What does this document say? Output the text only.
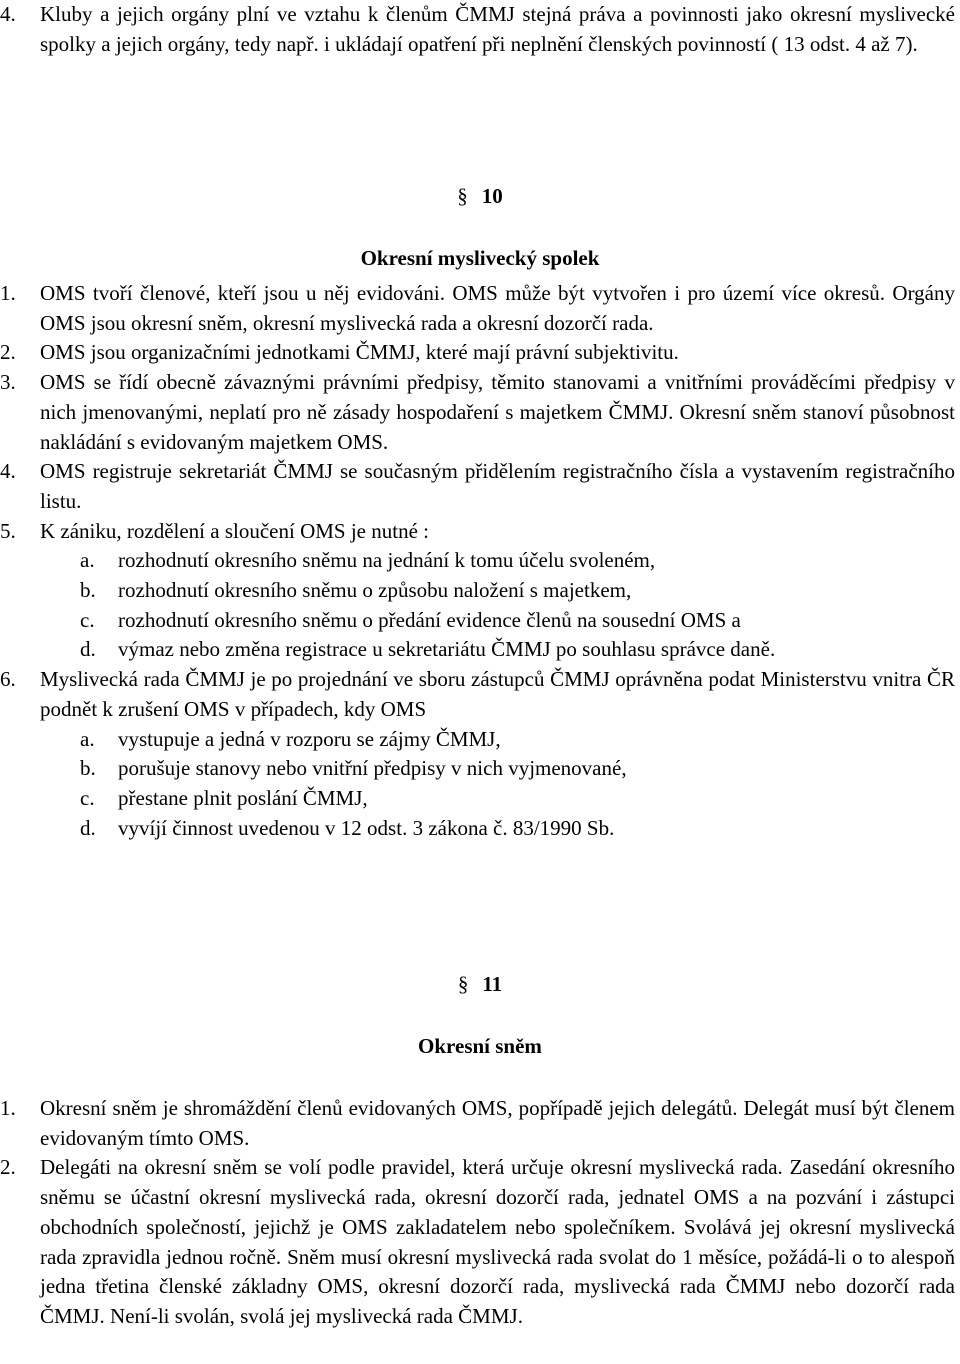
4.	Kluby a jejich orgány plní ve vztahu k členům ČMMJ stejná práva a povinnosti jako okresní myslivecké spolky a jejich orgány, tedy např. i ukládají opatření při neplnění členských povinností ( 13 odst. 4 až 7).
§ 10
Okresní myslivecký spolek
1.	OMS tvoří členové, kteří jsou u něj evidováni. OMS může být vytvořen i pro území více okresů. Orgány OMS jsou okresní sněm, okresní myslivecká rada a okresní dozorčí rada.
2.	OMS jsou organizačními jednotkami ČMMJ, které mají právní subjektivitu.
3.	OMS se řídí obecně závaznými právními předpisy, těmito stanovami a vnitřními prováděcími předpisy v nich jmenovanými, neplatí pro ně zásady hospodaření s majetkem ČMMJ. Okresní sněm stanoví působnost nakládání s evidovaným majetkem OMS.
4.	OMS registruje sekretariát ČMMJ se současným přidělením registračního čísla a vystavením registračního listu.
5.	K zániku, rozdělení a sloučení OMS je nutné :
a. rozhodnutí okresního sněmu na jednání k tomu účelu svoleném,
b. rozhodnutí okresního sněmu o způsobu naložení s majetkem,
c. rozhodnutí okresního sněmu o předání evidence členů na sousední OMS a
d. výmaz nebo změna registrace u sekretariátu ČMMJ po souhlasu správce daně.
6.	Myslivecká rada ČMMJ je po projednání ve sboru zástupců ČMMJ oprávněna podat Ministerstvu vnitra ČR podnět k zrušení OMS v případech, kdy OMS
a. vystupuje a jedná v rozporu se zájmy ČMMJ,
b. porušuje stanovy nebo vnitřní předpisy v nich vyjmenované,
c. přestane plnit poslání ČMMJ,
d. vyvíjí činnost uvedenou v 12 odst. 3 zákona č. 83/1990 Sb.
§ 11
Okresní sněm
1.	Okresní sněm je shromáždění členů evidovaných OMS, popřípadě jejich delegátů. Delegát musí být členem evidovaným tímto OMS.
2.	Delegáti na okresní sněm se volí podle pravidel, která určuje okresní myslivecká rada. Zasedání okresního sněmu se účastní okresní myslivecká rada, okresní dozorčí rada, jednatel OMS a na pozvání i zástupci obchodních společností, jejichž je OMS zakladatelem nebo společníkem. Svolává jej okresní myslivecká rada zpravidla jednou ročně. Sněm musí okresní myslivecká rada svolat do 1 měsíce, požádá-li o to alespoň jedna třetina členské základny OMS, okresní dozorčí rada, myslivecká rada ČMMJ nebo dozorčí rada ČMMJ. Není-li svolán, svolá jej myslivecká rada ČMMJ.
